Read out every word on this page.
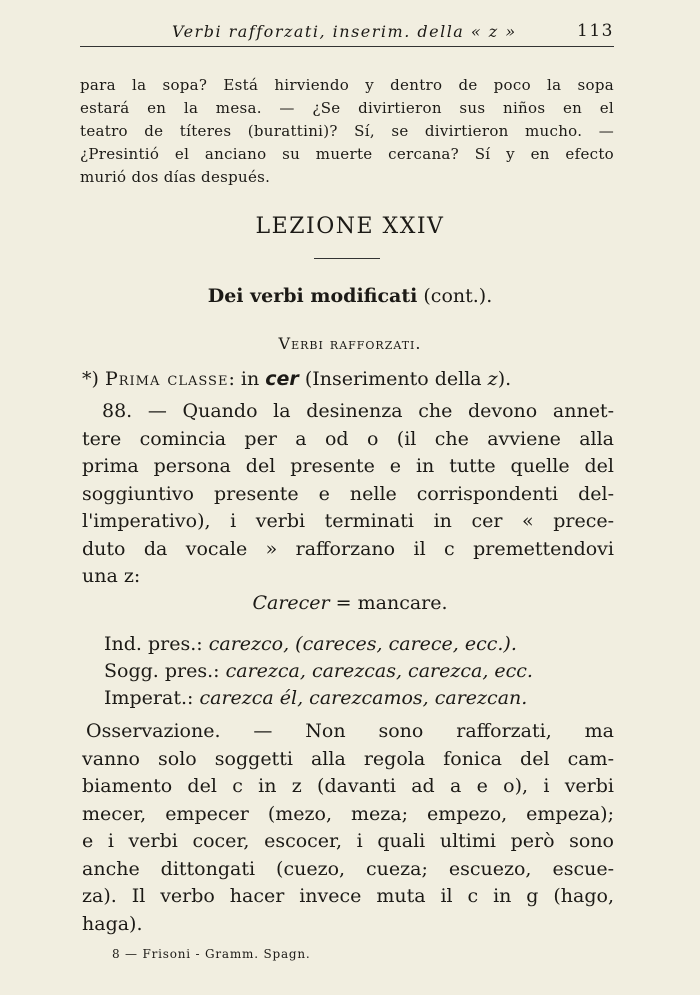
Verbi rafforzati, inserim. della « z »	113
para la sopa? Está hirviendo y dentro de poco la sopa
estará en la mesa. — ¿Se divirtieron sus niños en el
teatro de títeres (burattini)? Sí, se divirtieron mucho. —
¿Presintió el anciano su muerte cercana? Sí y en efecto
murió dos días después.
LEZIONE XXIV
Dei verbi modificati (cont.).
Verbi rafforzati.
*) Prima classe: in cer (Inserimento della z).
88. — Quando la desinenza che devono annet-
tere comincia per a od o (il che avviene alla
prima persona del presente e in tutte quelle del
soggiuntivo presente e nelle corrispondenti del-
l'imperativo), i verbi terminati in cer « prece-
duto da vocale » rafforzano il c premettendovi
una z:
Carecer = mancare.
Ind. pres.: carezco, (careces, carece, ecc.).
Sogg. pres.: carezca, carezcas, carezca, ecc.
Imperat.: carezca él, carezcamos, carezcan.
Osservazione. — Non sono rafforzati, ma
vanno solo soggetti alla regola fonica del cam-
biamento del c in z (davanti ad a e o), i verbi
mecer, empecer (mezo, meza; empezo, empeza);
e i verbi cocer, escocer, i quali ultimi però sono
anche dittongati (cuezo, cueza; escuezo, escue-
za). Il verbo hacer invece muta il c in g (hago,
haga).
8 — Frisoni - Gramm. Spagn.
